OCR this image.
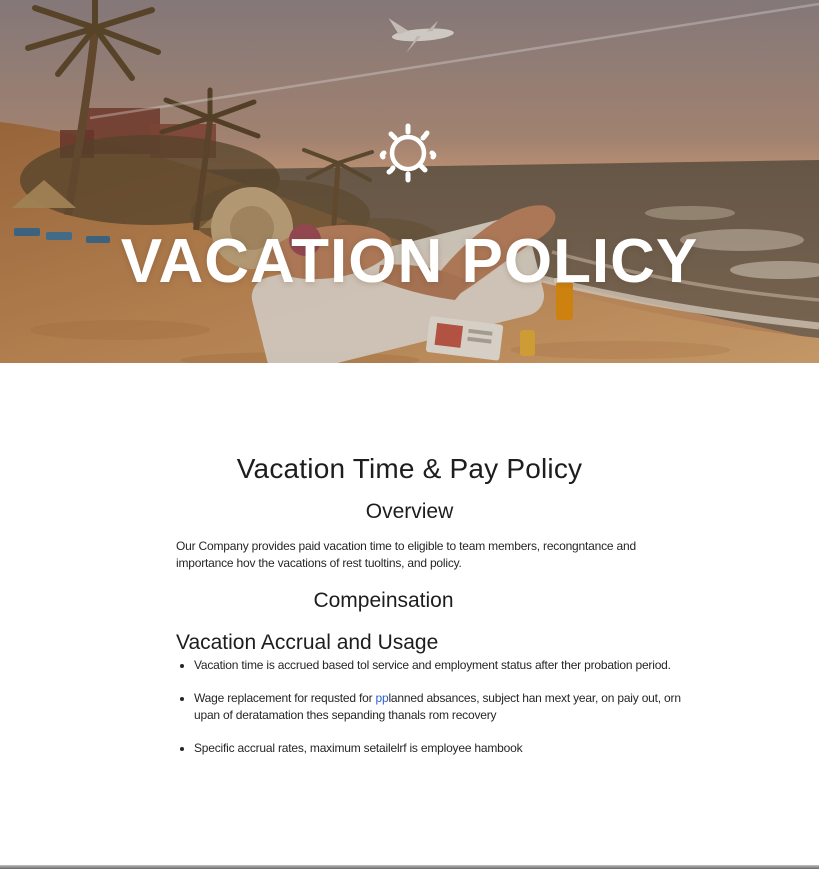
VACATION POLICY
Vacation Time & Pay Policy
Overview

Our Company provides paid vacation time to eligible to team members, recongntance and importance hov the vacations of rest tuoltins, and policy.

Compeinsation
Vacation Accrual and Usage
• Vacation time is accrued based tol service and employment status after ther probation period.
• Wage replacement for requsted for pplanned absances, subject han mext year, on paiy out, orn upan of deratamation thes sepanding thanals rom recovery
• Specific accrual rates, maximum setailelrf is employee hambook
